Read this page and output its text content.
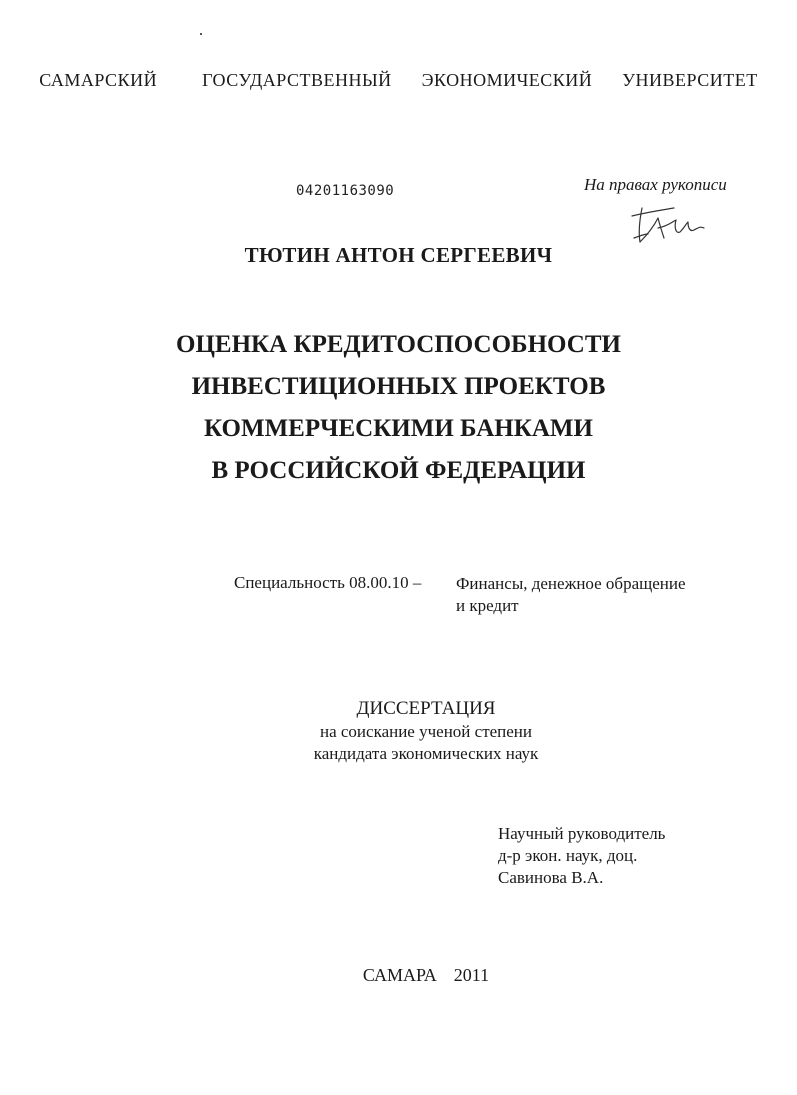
САМАРСКИЙ   ГОСУДАРСТВЕННЫЙ  ЭКОНОМИЧЕСКИЙ  УНИВЕРСИТЕТ
04201163090	На правах рукописи
ТЮТИН АНТОН СЕРГЕЕВИЧ
ОЦЕНКА КРЕДИТОСПОСОБНОСТИ
ИНВЕСТИЦИОННЫХ ПРОЕКТОВ
КОММЕРЧЕСКИМИ БАНКАМИ
В РОССИЙСКОЙ ФЕДЕРАЦИИ
Специальность 08.00.10 – Финансы, денежное обращение
и кредит
ДИССЕРТАЦИЯ
на соискание ученой степени
кандидата экономических наук
Научный руководитель
д-р экон. наук, доц.
Савинова В.А.
САМАРА  2011
